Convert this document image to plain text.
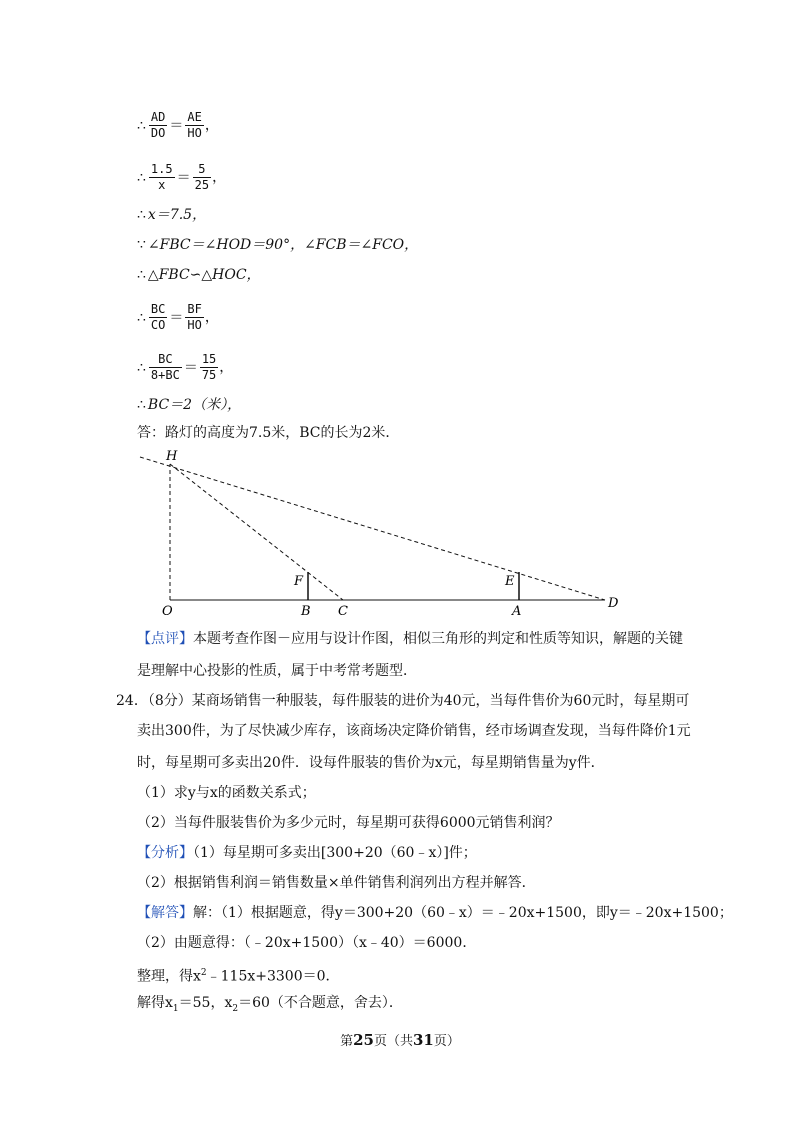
∴ $\frac{AD}{DO} = \frac{AE}{HO}$ ，
∴ $\frac{1.5}{x} = \frac{5}{25}$ ，
∴ x＝7.5，
∵ ∠FBC＝∠HOD＝90°，∠FCB＝∠FCO，
∴ △FBC∽△HOC，
∴ $\frac{BC}{CO} = \frac{BF}{HO}$ ，
∴ $\frac{BC}{8+BC} = \frac{15}{75}$ ，
∴ BC＝2（米），
答：路灯的高度为7.5米，BC的长为2米．
H
O
F
B C
E
A
D
【点评】本题考查作图－应用与设计作图，相似三角形的判定和性质等知识，解题的关键
是理解中心投影的性质，属于中考常考题型．
24．（8分）某商场销售一种服装，每件服装的进价为40元，当每件售价为60元时，每星期可
卖出300件，为了尽快减少库存，该商场决定降价销售，经市场调查发现，当每件降价1元
时，每星期可多卖出20件．设每件服装的售价为x元，每星期销售量为y件．
（1）求y与x的函数关系式；
（2）当每件服装售价为多少元时，每星期可获得6000元销售利润？
【分析】（1）每星期可多卖出[300+20（60﹣x）]件；
（2）根据销售利润＝销售数量×单件销售利润列出方程并解答．
【解答】解：（1）根据题意，得y＝300+20（60﹣x）＝﹣20x+1500，即y＝﹣20x+1500；
（2）由题意得：（﹣20x+1500）（x﹣40）＝6000．
整理，得$x^2﹣115x+3300=0$．
解得$x_1=55$，$x_2=60$（不合题意，舍去）．
第25页（共31页）
